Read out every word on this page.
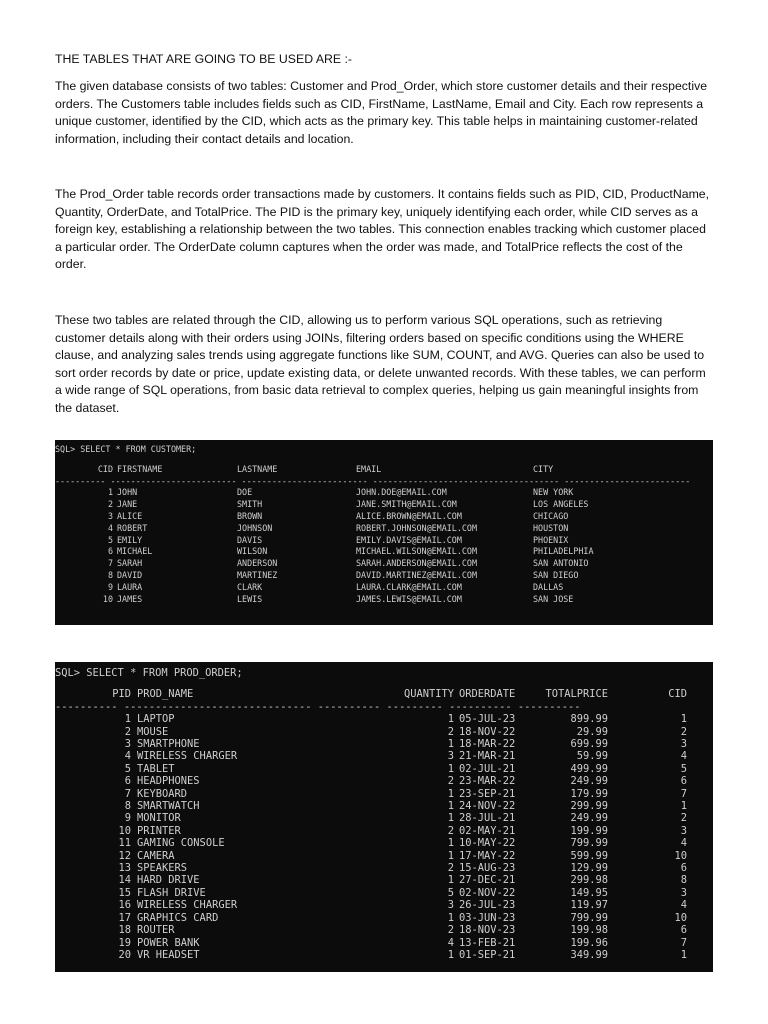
THE TABLES THAT ARE GOING TO BE USED ARE :-

The given database consists of two tables: Customer and Prod_Order, which store customer details and their respective orders. The Customers table includes fields such as CID, FirstName, LastName, Email and City. Each row represents a unique customer, identified by the CID, which acts as the primary key. This table helps in maintaining customer-related information, including their contact details and location.

The Prod_Order table records order transactions made by customers. It contains fields such as PID, CID, ProductName, Quantity, OrderDate, and TotalPrice. The PID is the primary key, uniquely identifying each order, while CID serves as a foreign key, establishing a relationship between the two tables. This connection enables tracking which customer placed a particular order. The OrderDate column captures when the order was made, and TotalPrice reflects the cost of the order.

These two tables are related through the CID, allowing us to perform various SQL operations, such as retrieving customer details along with their orders using JOINs, filtering orders based on specific conditions using the WHERE clause, and analyzing sales trends using aggregate functions like SUM, COUNT, and AVG. Queries can also be used to sort order records by date or price, update existing data, or delete unwanted records. With these tables, we can perform a wide range of SQL operations, from basic data retrieval to complex queries, helping us gain meaningful insights from the dataset.

SQL> SELECT * FROM CUSTOMER;
CID FIRSTNAME	LASTNAME	EMAIL	CITY
---------- ------------------------- ------------------------- ------------------------------------- -------------------------
1 JOHN	DOE	JOHN.DOE@EMAIL.COM	NEW YORK
2 JANE	SMITH	JANE.SMITH@EMAIL.COM	LOS ANGELES
3 ALICE	BROWN	ALICE.BROWN@EMAIL.COM	CHICAGO
4 ROBERT	JOHNSON	ROBERT.JOHNSON@EMAIL.COM	HOUSTON
5 EMILY	DAVIS	EMILY.DAVIS@EMAIL.COM	PHOENIX
6 MICHAEL	WILSON	MICHAEL.WILSON@EMAIL.COM	PHILADELPHIA
7 SARAH	ANDERSON	SARAH.ANDERSON@EMAIL.COM	SAN ANTONIO
8 DAVID	MARTINEZ	DAVID.MARTINEZ@EMAIL.COM	SAN DIEGO
9 LAURA	CLARK	LAURA.CLARK@EMAIL.COM	DALLAS
10 JAMES	LEWIS	JAMES.LEWIS@EMAIL.COM	SAN JOSE
SQL> SELECT * FROM PROD_ORDER;
PID PROD_NAME	QUANTITY ORDERDATE	TOTALPRICE	CID
---------- ------------------------------ ---------- --------- ---------- ----------
1 LAPTOP	1 05-JUL-23	899.99	1
2 MOUSE	2 18-NOV-22	29.99	2
3 SMARTPHONE	1 18-MAR-22	699.99	3
4 WIRELESS CHARGER	3 21-MAR-21	59.99	4
5 TABLET	1 02-JUL-21	499.99	5
6 HEADPHONES	2 23-MAR-22	249.99	6
7 KEYBOARD	1 23-SEP-21	179.99	7
8 SMARTWATCH	1 24-NOV-22	299.99	1
9 MONITOR	1 28-JUL-21	249.99	2
10 PRINTER	2 02-MAY-21	199.99	3
11 GAMING CONSOLE	1 10-MAY-22	799.99	4
12 CAMERA	1 17-MAY-22	599.99	10
13 SPEAKERS	2 15-AUG-23	129.99	6
14 HARD DRIVE	1 27-DEC-21	299.98	8
15 FLASH DRIVE	5 02-NOV-22	149.95	3
16 WIRELESS CHARGER	3 26-JUL-23	119.97	4
17 GRAPHICS CARD	1 03-JUN-23	799.99	10
18 ROUTER	2 18-NOV-23	199.98	6
19 POWER BANK	4 13-FEB-21	199.96	7
20 VR HEADSET	1 01-SEP-21	349.99	1
